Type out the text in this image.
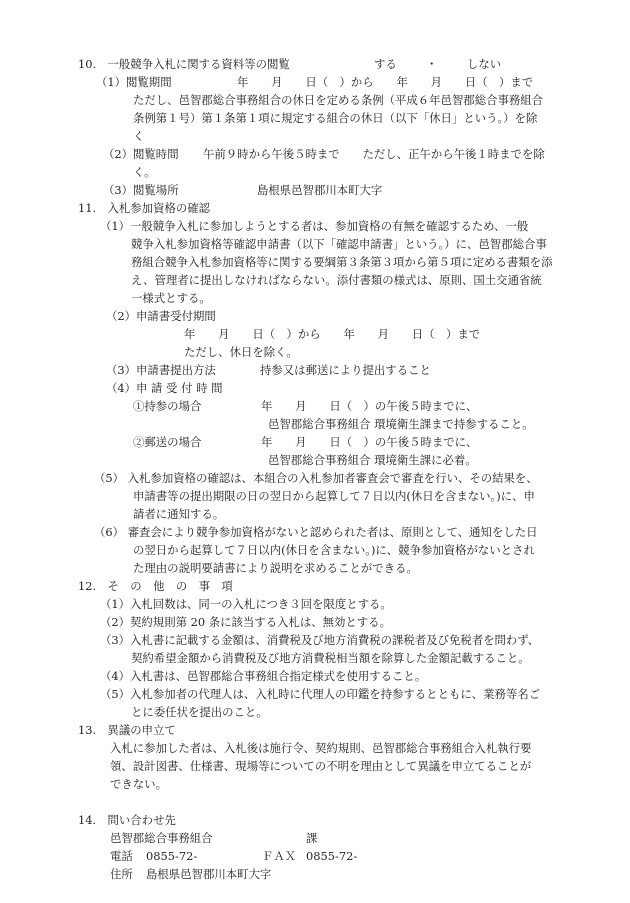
10.　一般競争入札に関する資料等の閲覧	する	・	しない
（1）閲覧期間	年　　月　　日（　）から　　年　　月　　日（　）まで
ただし、邑智郡総合事務組合の休日を定める条例（平成６年邑智郡総合事務組合
条例第１号）第１条第１項に規定する組合の休日（以下「休日」という。）を除
く
（2）閲覧時間 午前９時から午後５時まで　　ただし、正午から午後１時までを除
く。
（3）閲覧場所	島根県邑智郡川本町大字
11.　入札参加資格の確認
（1）一般競争入札に参加しようとする者は、参加資格の有無を確認するため、一般
競争入札参加資格等確認申請書（以下「確認申請書」という。）に、邑智郡総合事
務組合競争入札参加資格等に関する要綱第３条第３項から第５項に定める書類を添
え、管理者に提出しなければならない。添付書類の様式は、原則、国土交通省統
一様式とする。
（2）申請書受付期間
年　　月　　日（　）から　　年　　月　　日（　）まで
ただし、休日を除く。
（3）申請書提出方法	持参又は郵送により提出すること
（4）申 請 受 付 時 間
①持参の場合	年　　月　　日（　）の午後５時までに、
邑智郡総合事務組合 環境衛生課まで持参すること。
②郵送の場合	年　　月　　日（　）の午後５時までに、
邑智郡総合事務組合 環境衛生課に必着。
（5） 入札参加資格の確認は、本組合の入札参加者審査会で審査を行い、その結果を、
申請書等の提出期限の日の翌日から起算して７日以内(休日を含まない。)に、申
請者に通知する。
（6） 審査会により競争参加資格がないと認められた者は、原則として、通知をした日
の翌日から起算して７日以内(休日を含まない。)に、競争参加資格がないとされ
た理由の説明要請書により説明を求めることができる。
12.　そ　の　他　の　事　項
（1）入札回数は、同一の入札につき３回を限度とする。
（2）契約規則第 20 条に該当する入札は、無効とする。
（3）入札書に記載する金額は、消費税及び地方消費税の課税者及び免税者を問わず、
契約希望金額から消費税及び地方消費税相当額を除算した金額記載すること。
（4）入札書は、邑智郡総合事務組合指定様式を使用すること。
（5）入札参加者の代理人は、入札時に代理人の印鑑を持参するとともに、業務等名ご
とに委任状を提出のこと。
13.　異議の申立て
入札に参加した者は、入札後は施行令、契約規則、邑智郡総合事務組合入札執行要
領、設計図書、仕様書、現場等についての不明を理由として異議を申立てることが
できない。
14.　問い合わせ先
邑智郡総合事務組合	課
電話 0855-72-	ＦＡＸ 0855-72-
住所 島根県邑智郡川本町大字
